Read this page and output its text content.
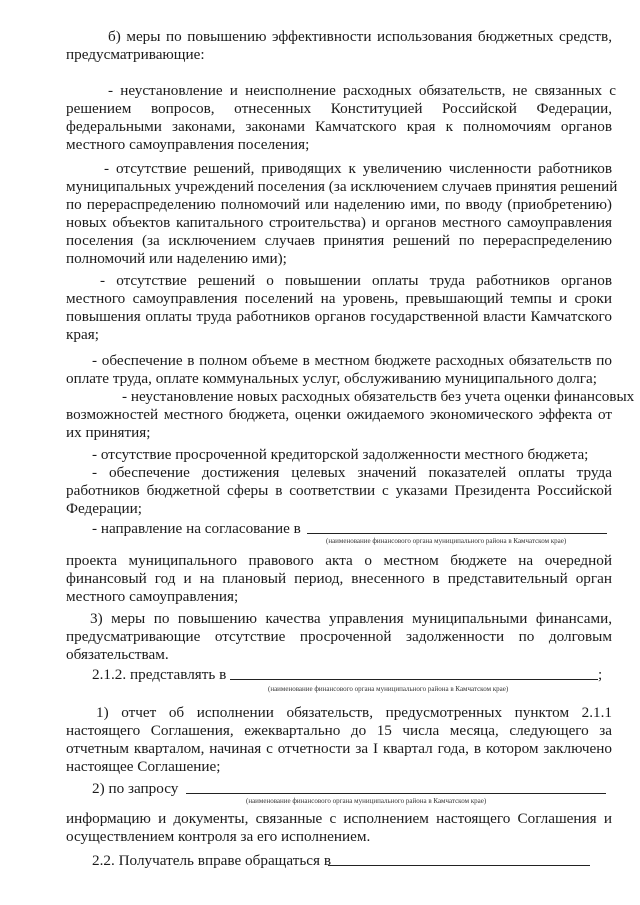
б) меры по повышению эффективности использования бюджетных средств,
предусматривающие:
- неустановление и неисполнение расходных обязательств, не связанных с
решением вопросов, отнесенных Конституцией Российской Федерации,
федеральными законами, законами Камчатского края к полномочиям органов
местного самоуправления поселения;
- отсутствие решений, приводящих к увеличению численности работников
муниципальных учреждений поселения (за исключением случаев принятия решений
по перераспределению полномочий или наделению ими, по вводу (приобретению)
новых объектов капитального строительства) и органов местного самоуправления
поселения (за исключением случаев принятия решений по перераспределению
полномочий или наделению ими);
- отсутствие решений о повышении оплаты труда работников органов
местного самоуправления поселений на уровень, превышающий темпы и сроки
повышения оплаты труда работников органов государственной власти Камчатского
края;
- обеспечение в полном объеме в местном бюджете расходных обязательств по
оплате труда, оплате коммунальных услуг, обслуживанию муниципального долга;
- неустановление новых расходных обязательств без учета оценки финансовых
возможностей местного бюджета, оценки ожидаемого экономического эффекта от
их принятия;
- отсутствие просроченной кредиторской задолженности местного бюджета;
- обеспечение достижения целевых значений показателей оплаты труда
работников бюджетной сферы в соответствии с указами Президента Российской
Федерации;
- направление на согласование в
(наименование финансового органа муниципального района в Камчатском крае)
проекта муниципального правового акта о местном бюджете на очередной
финансовый год и на плановый период, внесенного в представительный орган
местного самоуправления;
3) меры по повышению качества управления муниципальными финансами,
предусматривающие отсутствие просроченной задолженности по долговым
обязательствам.
2.1.2. представлять в	;
(наименование финансового органа муниципального района в Камчатском крае)
1) отчет об исполнении обязательств, предусмотренных пунктом 2.1.1
настоящего Соглашения, ежеквартально до 15 числа месяца, следующего за
отчетным кварталом, начиная с отчетности за I квартал года, в котором заключено
настоящее Соглашение;
2) по запросу
(наименование финансового органа муниципального района в Камчатском крае)
информацию и документы, связанные с исполнением настоящего Соглашения и
осуществлением контроля за его исполнением.
2.2. Получатель вправе обращаться в
